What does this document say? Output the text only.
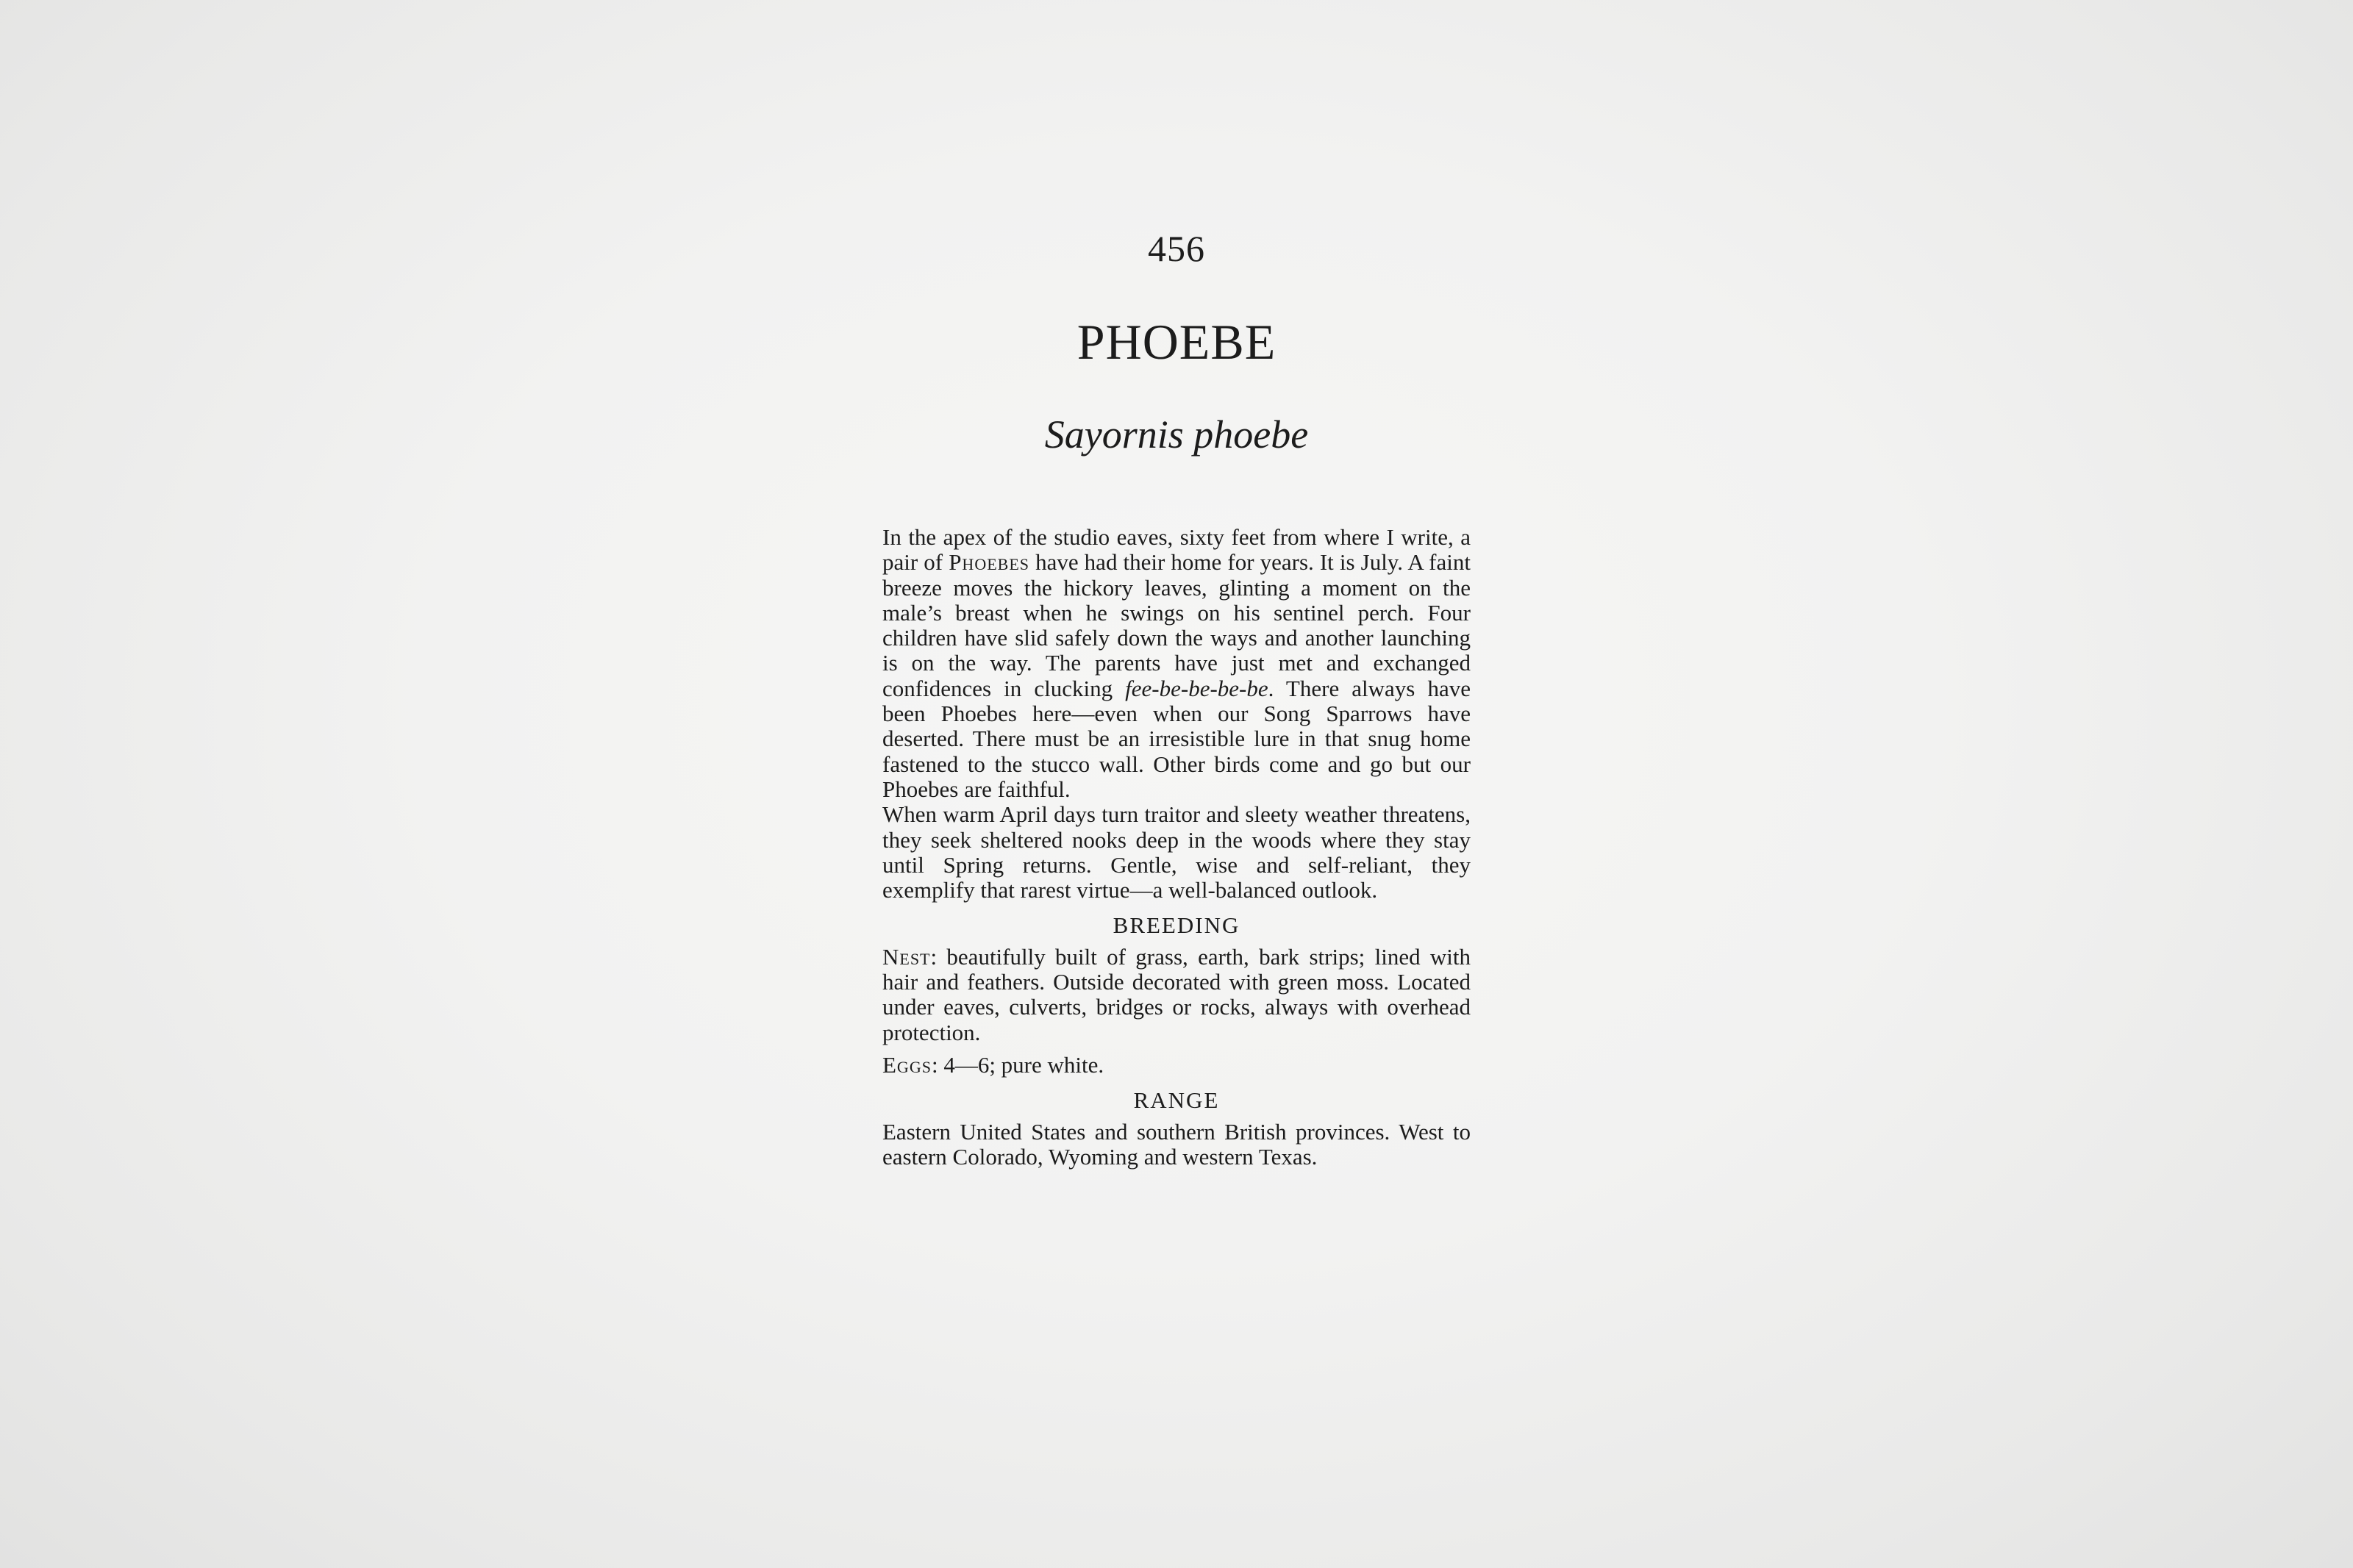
456
PHOEBE
Sayornis phoebe

In the apex of the studio eaves, sixty feet from where I write, a pair of Phoebes have had their home for years. It is July. A faint breeze moves the hickory leaves, glinting a moment on the male’s breast when he swings on his sentinel perch. Four children have slid safely down the ways and another launching is on the way. The parents have just met and exchanged confidences in clucking fee-be-be-be-be. There always have been Phoebes here—even when our Song Sparrows have deserted. There must be an irresistible lure in that snug home fastened to the stucco wall. Other birds come and go but our Phoebes are faithful.

When warm April days turn traitor and sleety weather threatens, they seek sheltered nooks deep in the woods where they stay until Spring returns. Gentle, wise and self-reliant, they exemplify that rarest virtue—a well-balanced outlook.

BREEDING

Nest: beautifully built of grass, earth, bark strips; lined with hair and feathers. Outside decorated with green moss. Located under eaves, culverts, bridges or rocks, always with overhead protection.

Eggs: 4—6; pure white.

RANGE

Eastern United States and southern British provinces. West to eastern Colorado, Wyoming and western Texas.
